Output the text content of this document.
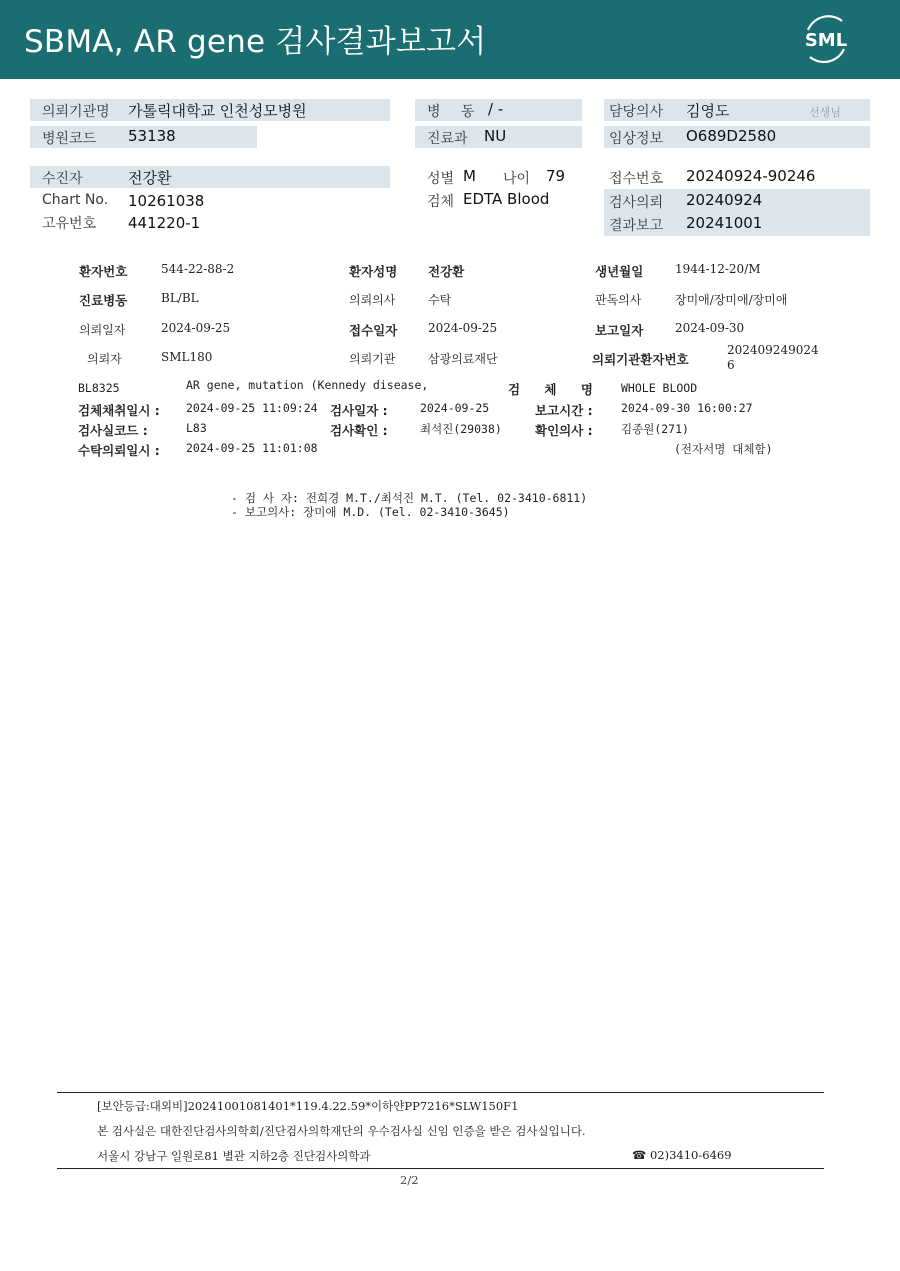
SBMA, AR gene 검사결과보고서	SML
의뢰기관명 가톨릭대학교 인천성모병원	병 동 / -	담당의사 김영도	선생님
병원코드 53138	진료과 NU	임상정보 O689D2580
수진자	전강환	성별 M 나이 79	접수번호 20240924-90246
Chart No. 10261038	검체 EDTA Blood	검사의뢰 20240924
고유번호 441220-1	결과보고 20241001
환자번호	544-22-88-2	환자성명 전강환	생년월일	1944-12-20/M
진료병동	BL/BL	의뢰의사	수탁	판독의사	장미애/장미애/장미애
의뢰일자	2024-09-25	접수일자	2024-09-25	보고일자	2024-09-30
의뢰자	SML180	의뢰기관	삼광의료재단	의뢰기관환자번호
202409249024
6
BL8325	AR gene, mutation (Kennedy disease,	검 체 명 WHOLE BLOOD
검체채취일시 : 2024-09-25 11:09:24 검사일자 :	2024-09-25	보고시간 : 2024-09-30 16:00:27
검사실코드 :	L83	검사확인 :	최석진(29038)	확인의사 : 김종원(271)
수탁의뢰일시 : 2024-09-25 11:01:08	(전자서명 대체함)
- 검 사 자: 전희경 M.T./최석진 M.T. (Tel. 02-3410-6811)
- 보고의사: 장미애 M.D. (Tel. 02-3410-3645)
[보안등급:대외비]20241001081401*119.4.22.59*이하얀PP7216*SLW150F1
본 검사실은 대한진단검사의학회/진단검사의학재단의 우수검사실 신임 인증을 받은 검사실입니다.
서울시 강남구 일원로81 별관 지하2층 진단검사의학과	☎ 02)3410-6469
2/2
